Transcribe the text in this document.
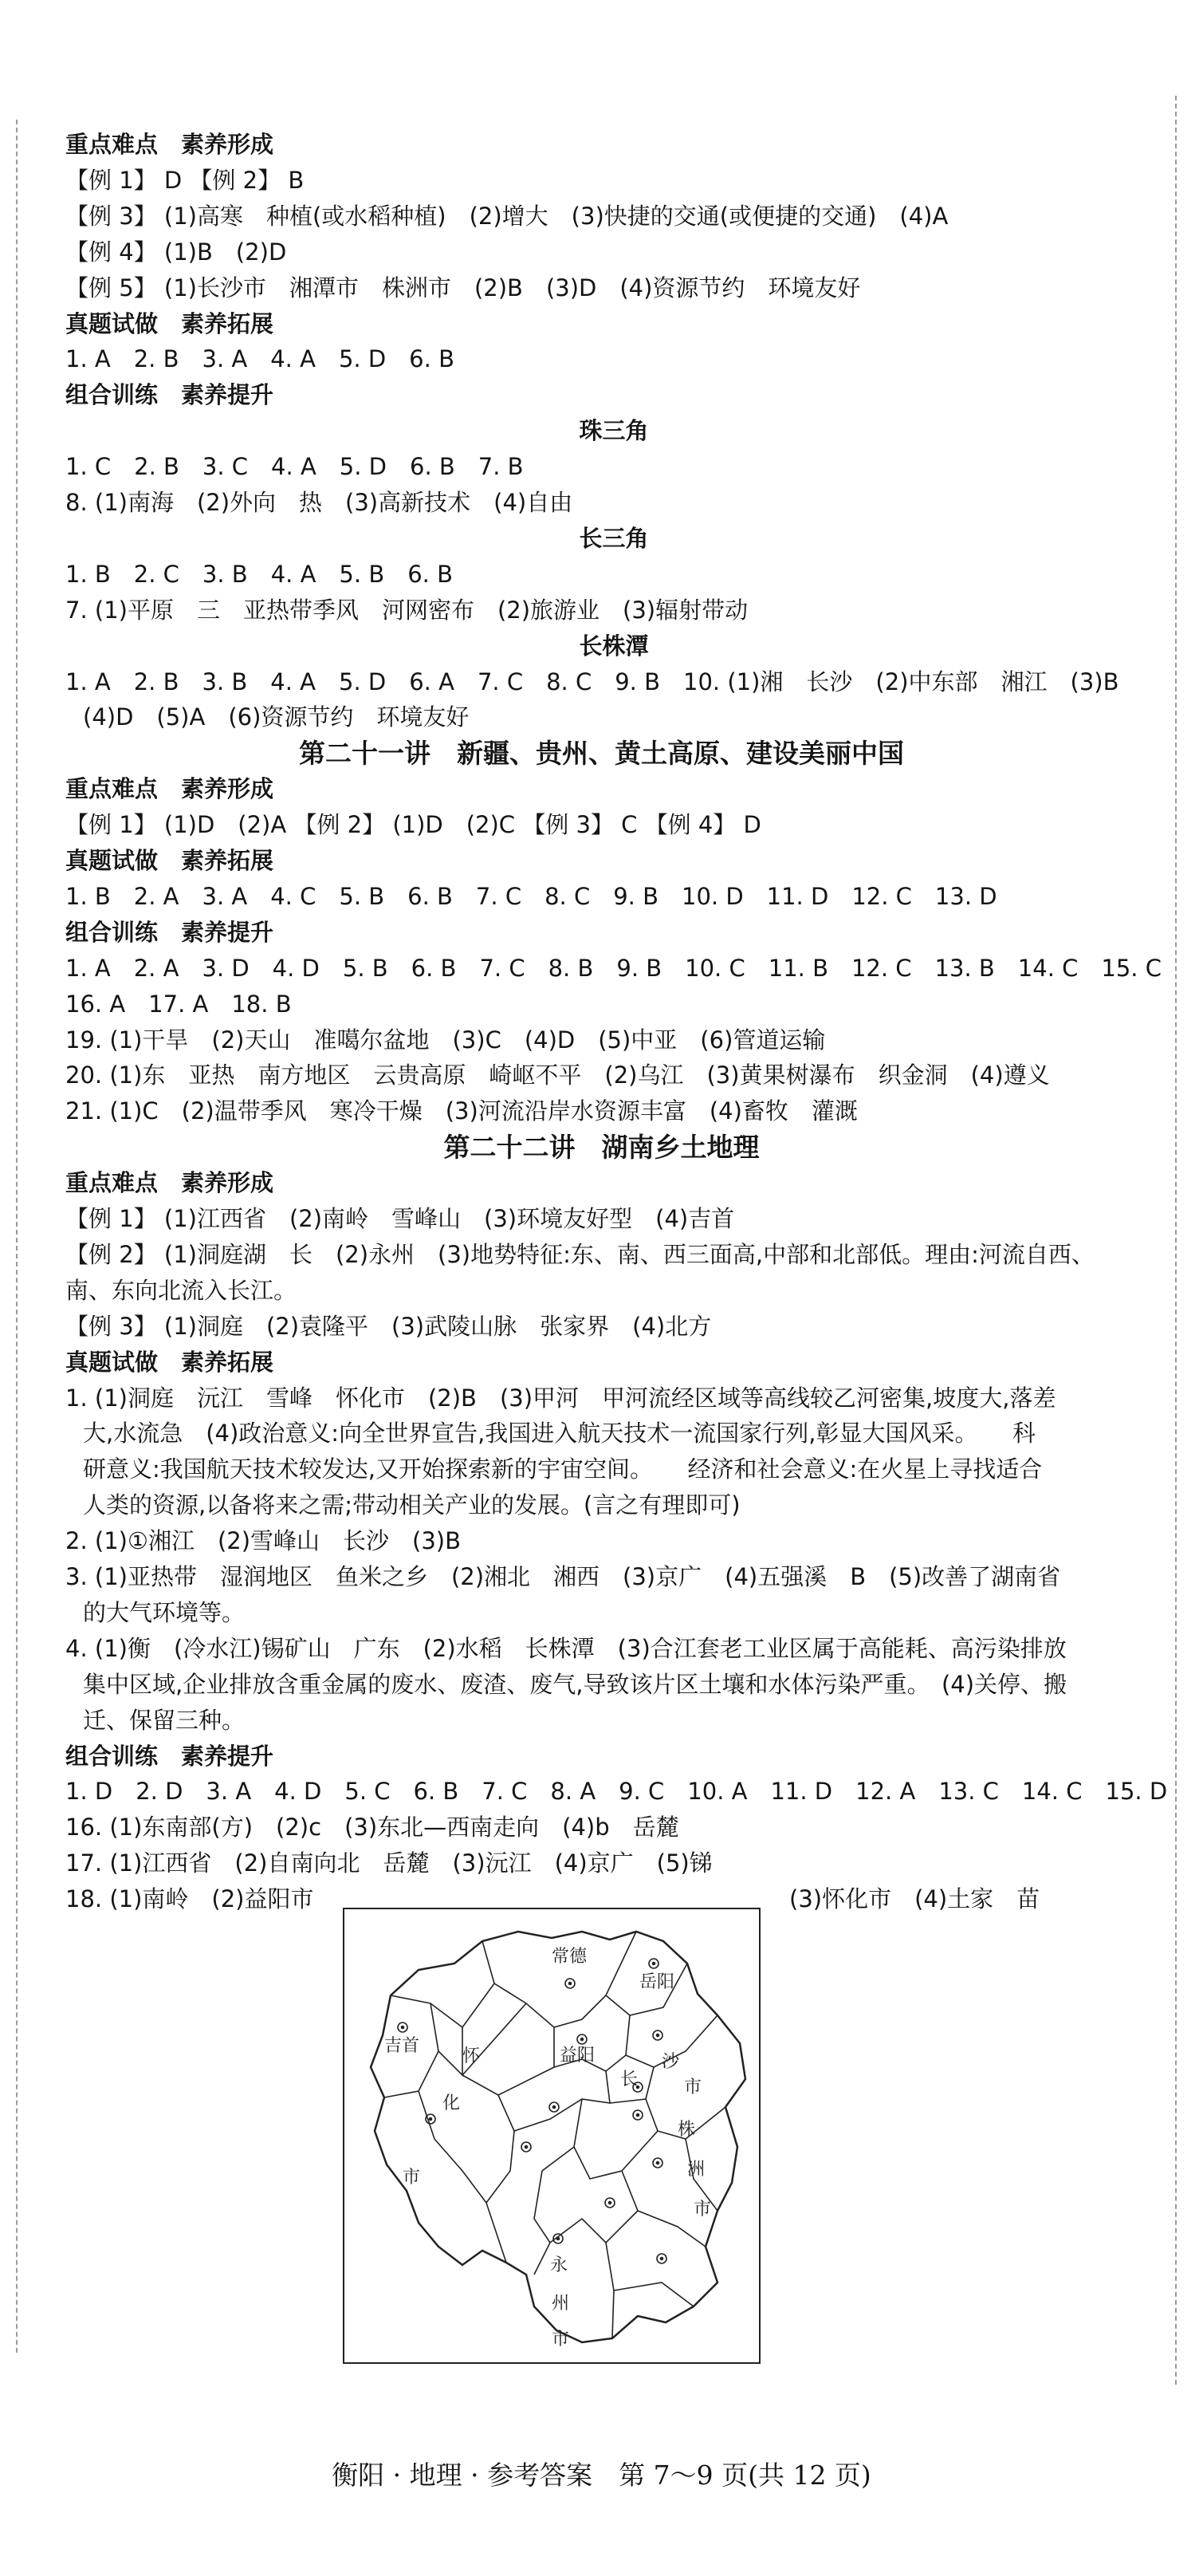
重点难点　素养形成
【例 1】 D 【例 2】 B
【例 3】 (1)高寒　种植(或水稻种植)　(2)增大　(3)快捷的交通(或便捷的交通)　(4)A
【例 4】 (1)B　(2)D
【例 5】 (1)长沙市　湘潭市　株洲市　(2)B　(3)D　(4)资源节约　环境友好
真题试做　素养拓展
1. A　2. B　3. A　4. A　5. D　6. B
组合训练　素养提升
珠三角
1. C　2. B　3. C　4. A　5. D　6. B　7. B
8. (1)南海　(2)外向　热　(3)高新技术　(4)自由
长三角
1. B　2. C　3. B　4. A　5. B　6. B
7. (1)平原　三　亚热带季风　河网密布　(2)旅游业　(3)辐射带动
长株潭
1. A　2. B　3. B　4. A　5. D　6. A　7. C　8. C　9. B　10. (1)湘　长沙　(2)中东部　湘江　(3)B
(4)D　(5)A　(6)资源节约　环境友好
第二十一讲　新疆、贵州、黄土高原、建设美丽中国
重点难点　素养形成
【例 1】 (1)D　(2)A 【例 2】 (1)D　(2)C 【例 3】 C 【例 4】 D
真题试做　素养拓展
1. B　2. A　3. A　4. C　5. B　6. B　7. C　8. C　9. B　10. D　11. D　12. C　13. D
组合训练　素养提升
1. A　2. A　3. D　4. D　5. B　6. B　7. C　8. B　9. B　10. C　11. B　12. C　13. B　14. C　15. C
16. A　17. A　18. B
19. (1)干旱　(2)天山　准噶尔盆地　(3)C　(4)D　(5)中亚　(6)管道运输
20. (1)东　亚热　南方地区　云贵高原　崎岖不平　(2)乌江　(3)黄果树瀑布　织金洞　(4)遵义
21. (1)C　(2)温带季风　寒冷干燥　(3)河流沿岸水资源丰富　(4)畜牧　灌溉
第二十二讲　湖南乡土地理
重点难点　素养形成
【例 1】 (1)江西省　(2)南岭　雪峰山　(3)环境友好型　(4)吉首
【例 2】 (1)洞庭湖　长　(2)永州　(3)地势特征:东、南、西三面高,中部和北部低。理由:河流自西、
南、东向北流入长江。
【例 3】 (1)洞庭　(2)袁隆平　(3)武陵山脉　张家界　(4)北方
真题试做　素养拓展
1. (1)洞庭　沅江　雪峰　怀化市　(2)B　(3)甲河　甲河流经区域等高线较乙河密集,坡度大,落差
大,水流急　(4)政治意义:向全世界宣告,我国进入航天技术一流国家行列,彰显大国风采。　　科
研意义:我国航天技术较发达,又开始探索新的宇宙空间。　　经济和社会意义:在火星上寻找适合
人类的资源,以备将来之需;带动相关产业的发展。(言之有理即可)
2. (1)①湘江　(2)雪峰山　长沙　(3)B
3. (1)亚热带　湿润地区　鱼米之乡　(2)湘北　湘西　(3)京广　(4)五强溪　B　(5)改善了湖南省
的大气环境等。
4. (1)衡　(冷水江)锡矿山　广东　(2)水稻　长株潭　(3)合江套老工业区属于高能耗、高污染排放
集中区域,企业排放含重金属的废水、废渣、废气,导致该片区土壤和水体污染严重。　(4)关停、搬
迁、保留三种。
组合训练　素养提升
1. D　2. D　3. A　4. D　5. C　6. B　7. C　8. A　9. C　10. A　11. D　12. A　13. C　14. C　15. D
16. (1)东南部(方)　(2)c　(3)东北—西南走向　(4)b　岳麓
17. (1)江西省　(2)自南向北　岳麓　(3)沅江　(4)京广　(5)锑
18. (1)南岭　(2)益阳市	(3)怀化市　(4)土家　苗
常德
岳阳
吉首
怀	益阳	沙
长	市
化
株
洲
市
市
永
州
市
衡阳 · 地理 · 参考答案　第 7～9 页(共 12 页)
